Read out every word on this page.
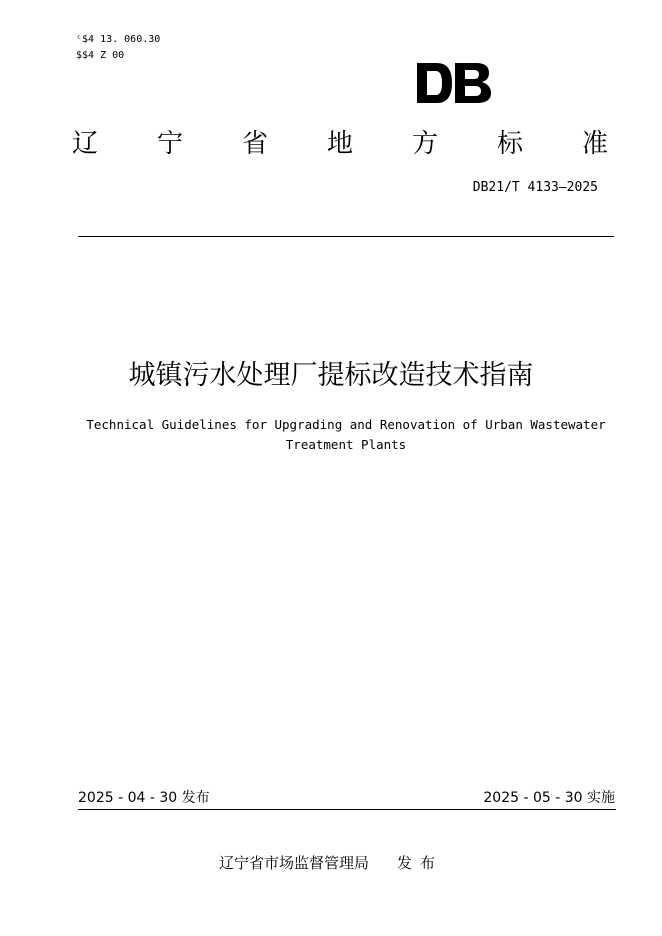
ᶜ$4 13. 060.30
$$4 Z 00
辽 宁 省 地 方 标 准
DB21/T 4133—2025
城镇污水处理厂提标改造技术指南
Technical Guidelines for Upgrading and Renovation of Urban Wastewater Treatment Plants
2025 - 04 - 30 发布	2025 - 05 - 30 实施
辽宁省市场监督管理局 发布
